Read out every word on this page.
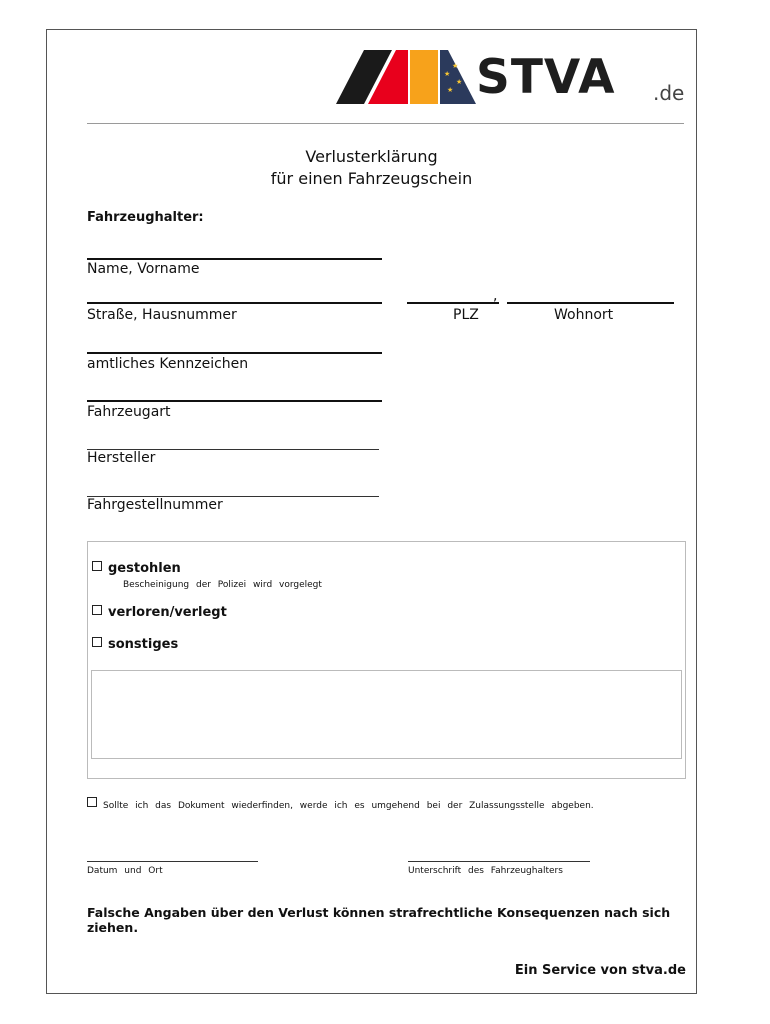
★
★
★
★ STVA .de
Verlusterklärung
für einen Fahrzeugschein
Fahrzeughalter:
Name, Vorname
Straße, Hausnummer
,
PLZ	Wohnort
amtliches Kennzeichen
Fahrzeugart
Hersteller
Fahrgestellnummer
gestohlen
Bescheinigung der Polizei wird vorgelegt
verloren/verlegt
sonstiges
Sollte ich das Dokument wiederfinden, werde ich es umgehend bei der Zulassungsstelle abgeben.
Datum und Ort	Unterschrift des Fahrzeughalters
Falsche Angaben über den Verlust können strafrechtliche Konsequenzen nach sich ziehen.
Ein Service von stva.de
